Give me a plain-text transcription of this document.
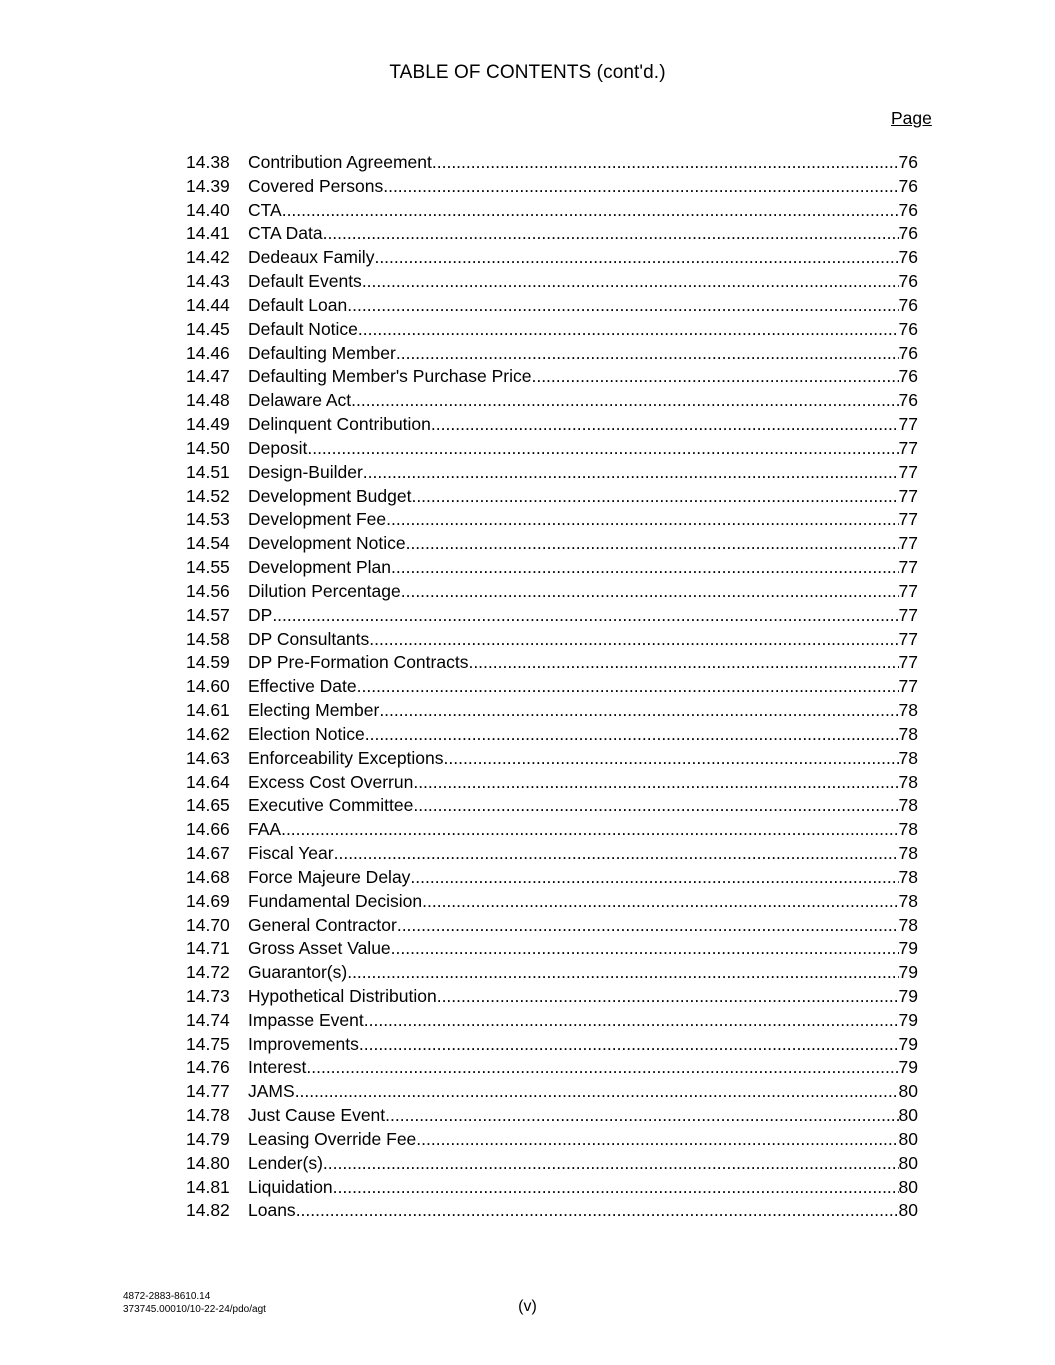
TABLE OF CONTENTS (cont'd.)
Page
14.38	Contribution Agreement .....	76
14.39	Covered Persons .....	76
14.40	CTA .....	76
14.41	CTA Data .....	76
14.42	Dedeaux Family .....	76
14.43	Default Events .....	76
14.44	Default Loan .....	76
14.45	Default Notice .....	76
14.46	Defaulting Member .....	76
14.47	Defaulting Member's Purchase Price .....	76
14.48	Delaware Act .....	76
14.49	Delinquent Contribution .....	77
14.50	Deposit .....	77
14.51	Design-Builder .....	77
14.52	Development Budget .....	77
14.53	Development Fee .....	77
14.54	Development Notice .....	77
14.55	Development Plan .....	77
14.56	Dilution Percentage .....	77
14.57	DP .....	77
14.58	DP Consultants .....	77
14.59	DP Pre-Formation Contracts .....	77
14.60	Effective Date .....	77
14.61	Electing Member .....	78
14.62	Election Notice .....	78
14.63	Enforceability Exceptions .....	78
14.64	Excess Cost Overrun .....	78
14.65	Executive Committee .....	78
14.66	FAA .....	78
14.67	Fiscal Year .....	78
14.68	Force Majeure Delay .....	78
14.69	Fundamental Decision .....	78
14.70	General Contractor .....	78
14.71	Gross Asset Value .....	79
14.72	Guarantor(s) .....	79
14.73	Hypothetical Distribution .....	79
14.74	Impasse Event .....	79
14.75	Improvements .....	79
14.76	Interest .....	79
14.77	JAMS .....	80
14.78	Just Cause Event .....	80
14.79	Leasing Override Fee .....	80
14.80	Lender(s) .....	80
14.81	Liquidation .....	80
14.82	Loans .....	80
4872-2883-8610.14
373745.00010/10-22-24/pdo/agt	(v)
